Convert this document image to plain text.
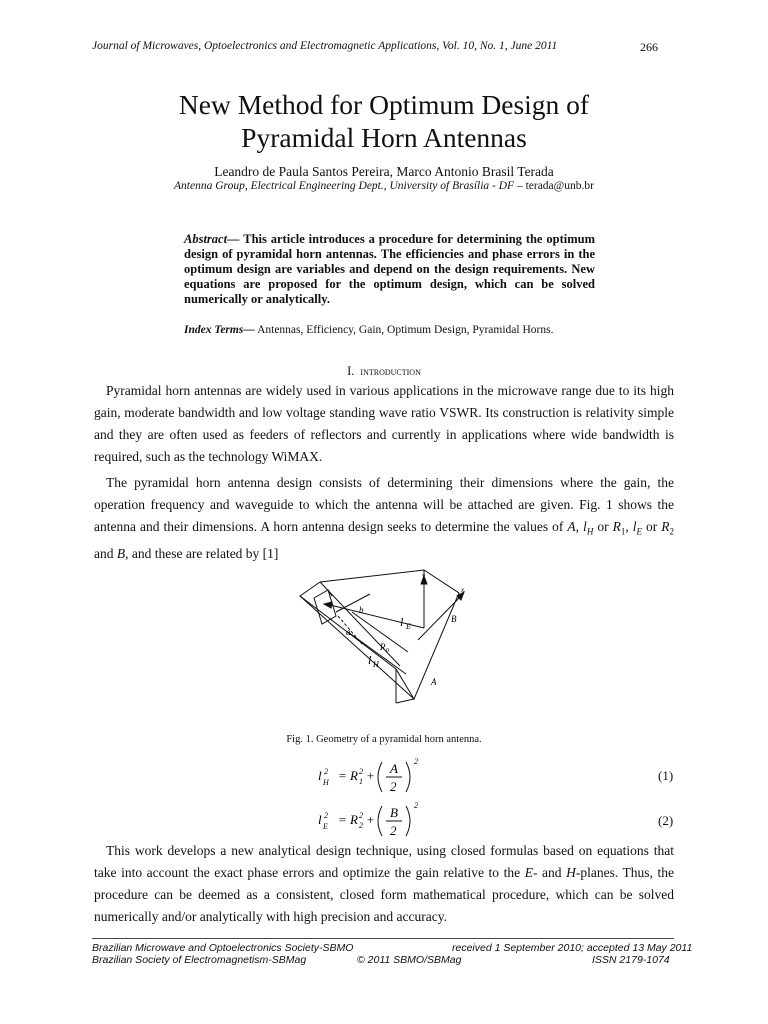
Journal of Microwaves, Optoelectronics and Electromagnetic Applications, Vol. 10, No. 1, June 2011	266
New Method for Optimum Design of
Pyramidal Horn Antennas
Leandro de Paula Santos Pereira, Marco Antonio Brasil Terada
Antenna Group, Electrical Engineering Dept., University of Brasília - DF – terada@unb.br
Abstract— This article introduces a procedure for determining the optimum design of pyramidal horn antennas. The efficiencies and phase errors in the optimum design are variables and depend on the design requirements. New equations are proposed for the optimum design, which can be solved numerically or analytically.
Index Terms— Antennas, Efficiency, Gain, Optimum Design, Pyramidal Horns.
I. introduction
Pyramidal horn antennas are widely used in various applications in the microwave range due to its high gain, moderate bandwidth and low voltage standing wave ratio VSWR. Its construction is relativity simple and they are often used as feeders of reflectors and currently in applications where wide bandwidth is required, such as the technology WiMAX.
The pyramidal horn antenna design consists of determining their dimensions where the gain, the operation frequency and waveguide to which the antenna will be attached are given. Fig. 1 shows the antenna and their dimensions. A horn antenna design seeks to determine the values of A, $l_H$ or $R_1$, $l_E$ or $R_2$ and B, and these are related by [1]
y
x
b
a
l E
R 0
l H
A
B
Fig. 1. Geometry of a pyramidal horn antenna.
l H
2 = R 1
2 + A
2
2
(1)
l E
2 = R 2
2 + B
2
2
(2)
This work develops a new analytical design technique, using closed formulas based on equations that take into account the exact phase errors and optimize the gain relative to the E- and H-planes. Thus, the procedure can be deemed as a consistent, closed form mathematical procedure, which can be solved numerically and/or analytically with high precision and accuracy.
Brazilian Microwave and Optoelectronics Society-SBMO	received 1 September 2010; accepted 13 May 2011
Brazilian Society of Electromagnetism-SBMag	© 2011 SBMO/SBMag	ISSN 2179-1074
